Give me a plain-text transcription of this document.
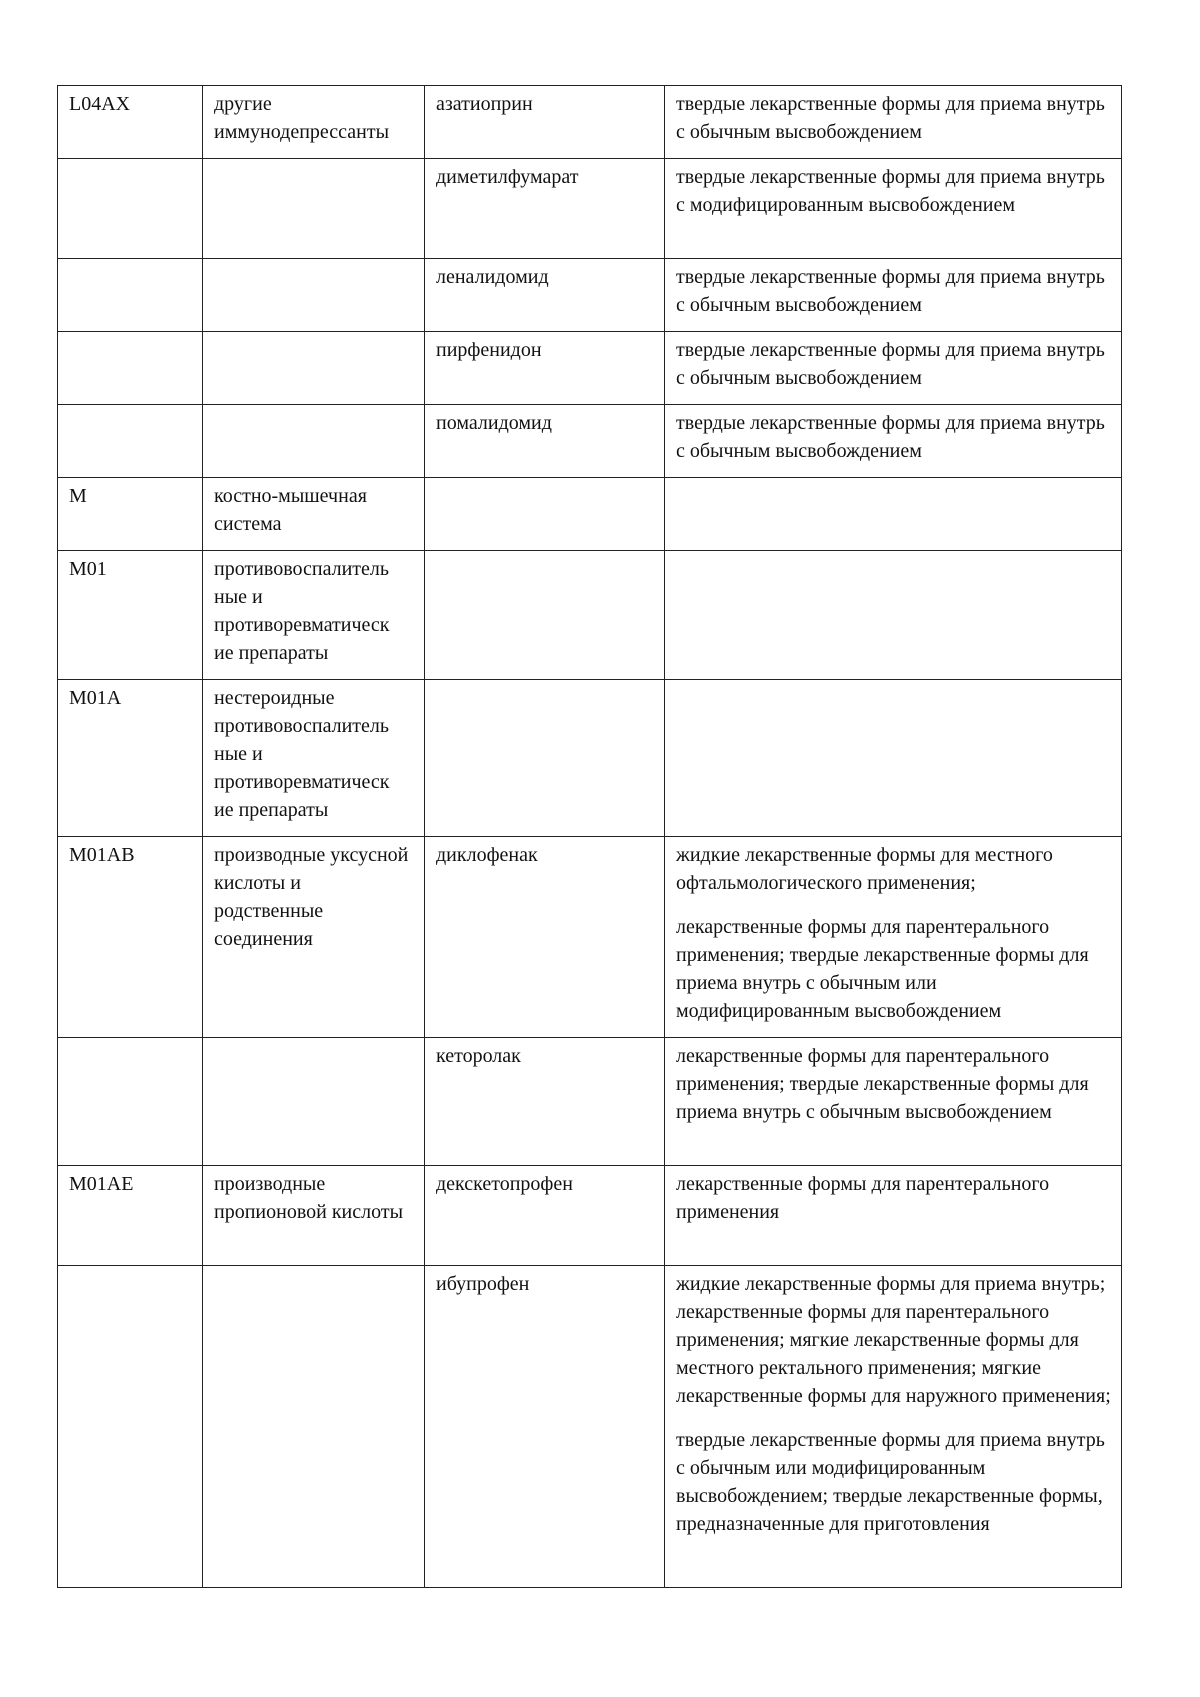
L04AX	другие иммунодепрессанты	азатиоприн	твердые лекарственные формы для приема внутрь с обычным высвобождением

		диметилфумарат	твердые лекарственные формы для приема внутрь с модифицированным высвобождением

		леналидомид	твердые лекарственные формы для приема внутрь с обычным высвобождением

		пирфенидон	твердые лекарственные формы для приема внутрь с обычным высвобождением

		помалидомид	твердые лекарственные формы для приема внутрь с обычным высвобождением

M	костно-мышечная система		
M01	противовоспалитель ные и противоревматическ ие препараты		
M01A	нестероидные противовоспалитель ные и противоревматическ ие препараты		
M01AB	производные уксусной кислоты и родственные соединения	диклофенак	жидкие лекарственные формы для местного офтальмологического применения;
лекарственные формы для парентерального применения; твердые лекарственные формы для приема внутрь с обычным или модифицированным высвобождением

		кеторолак	лекарственные формы для парентерального применения; твердые лекарственные формы для приема внутрь с обычным высвобождением

M01AE	производные пропионовой кислоты	декскетопрофен	лекарственные формы для парентерального применения

		ибупрофен	жидкие лекарственные формы для приема внутрь; лекарственные формы для парентерального применения; мягкие лекарственные формы для местного ректального применения; мягкие лекарственные формы для наружного применения;
твердые лекарственные формы для приема внутрь с обычным или модифицированным высвобождением; твердые лекарственные формы, предназначенные для приготовления
